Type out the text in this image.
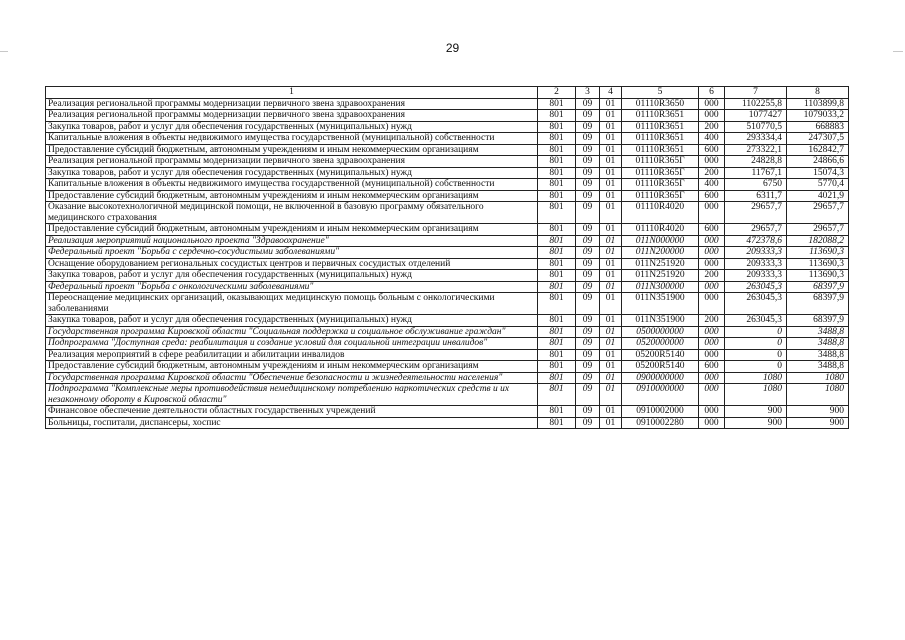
29
1	2	3	4	5	6	7	8
Реализация региональной программы модернизации первичного звена здравоохранения	801	09	01	01110R3650	000	1102255,8	1103899,8
Реализация региональной программы модернизации первичного звена здравоохранения	801	09	01	01110R3651	000	1077427	1079033,2
Закупка товаров, работ и услуг для обеспечения государственных (муниципальных) нужд	801	09	01	01110R3651	200	510770,5	668883
Капитальные вложения в объекты недвижимого имущества государственной (муниципальной) собственности	801	09	01	01110R3651	400	293334,4	247307,5
Предоставление субсидий бюджетным, автономным учреждениям и иным некоммерческим организациям	801	09	01	01110R3651	600	273322,1	162842,7
Реализация региональной программы модернизации первичного звена здравоохранения	801	09	01	01110R365Г	000	24828,8	24866,6
Закупка товаров, работ и услуг для обеспечения государственных (муниципальных) нужд	801	09	01	01110R365Г	200	11767,1	15074,3
Капитальные вложения в объекты недвижимого имущества государственной (муниципальной) собственности	801	09	01	01110R365Г	400	6750	5770,4
Предоставление субсидий бюджетным, автономным учреждениям и иным некоммерческим организациям	801	09	01	01110R365Г	600	6311,7	4021,9
Оказание высокотехнологичной медицинской помощи, не включенной в базовую программу обязательного медицинского страхования	801	09	01	01110R4020	000	29657,7	29657,7
Предоставление субсидий бюджетным, автономным учреждениям и иным некоммерческим организациям	801	09	01	01110R4020	600	29657,7	29657,7
Реализация мероприятий национального проекта "Здравоохранение"	801	09	01	011N000000	000	472378,6	182088,2
Федеральный проект "Борьба с сердечно-сосудистыми заболеваниями"	801	09	01	011N200000	000	209333,3	113690,3
Оснащение оборудованием региональных сосудистых центров и первичных сосудистых отделений	801	09	01	011N251920	000	209333,3	113690,3
Закупка товаров, работ и услуг для обеспечения государственных (муниципальных) нужд	801	09	01	011N251920	200	209333,3	113690,3
Федеральный проект "Борьба с онкологическими заболеваниями"	801	09	01	011N300000	000	263045,3	68397,9
Переоснащение медицинских организаций, оказывающих медицинскую помощь больным с онкологическими заболеваниями	801	09	01	011N351900	000	263045,3	68397,9
Закупка товаров, работ и услуг для обеспечения государственных (муниципальных) нужд	801	09	01	011N351900	200	263045,3	68397,9
Государственная программа Кировской области "Социальная поддержка и социальное обслуживание граждан"	801	09	01	0500000000	000	0	3488,8
Подпрограмма "Доступная среда: реабилитация и создание условий для социальной интеграции инвалидов"	801	09	01	0520000000	000	0	3488,8
Реализация мероприятий в сфере реабилитации и абилитации инвалидов	801	09	01	05200R5140	000	0	3488,8
Предоставление субсидий бюджетным, автономным учреждениям и иным некоммерческим организациям	801	09	01	05200R5140	600	0	3488,8
Государственная программа Кировской области "Обеспечение безопасности и жизнедеятельности населения"	801	09	01	0900000000	000	1080	1080
Подпрограмма "Комплексные меры противодействия немедицинскому потреблению наркотических средств и их незаконному обороту в Кировской области"	801	09	01	0910000000	000	1080	1080
Финансовое обеспечение деятельности областных государственных учреждений	801	09	01	0910002000	000	900	900
Больницы, госпитали, диспансеры, хоспис	801	09	01	0910002280	000	900	900
